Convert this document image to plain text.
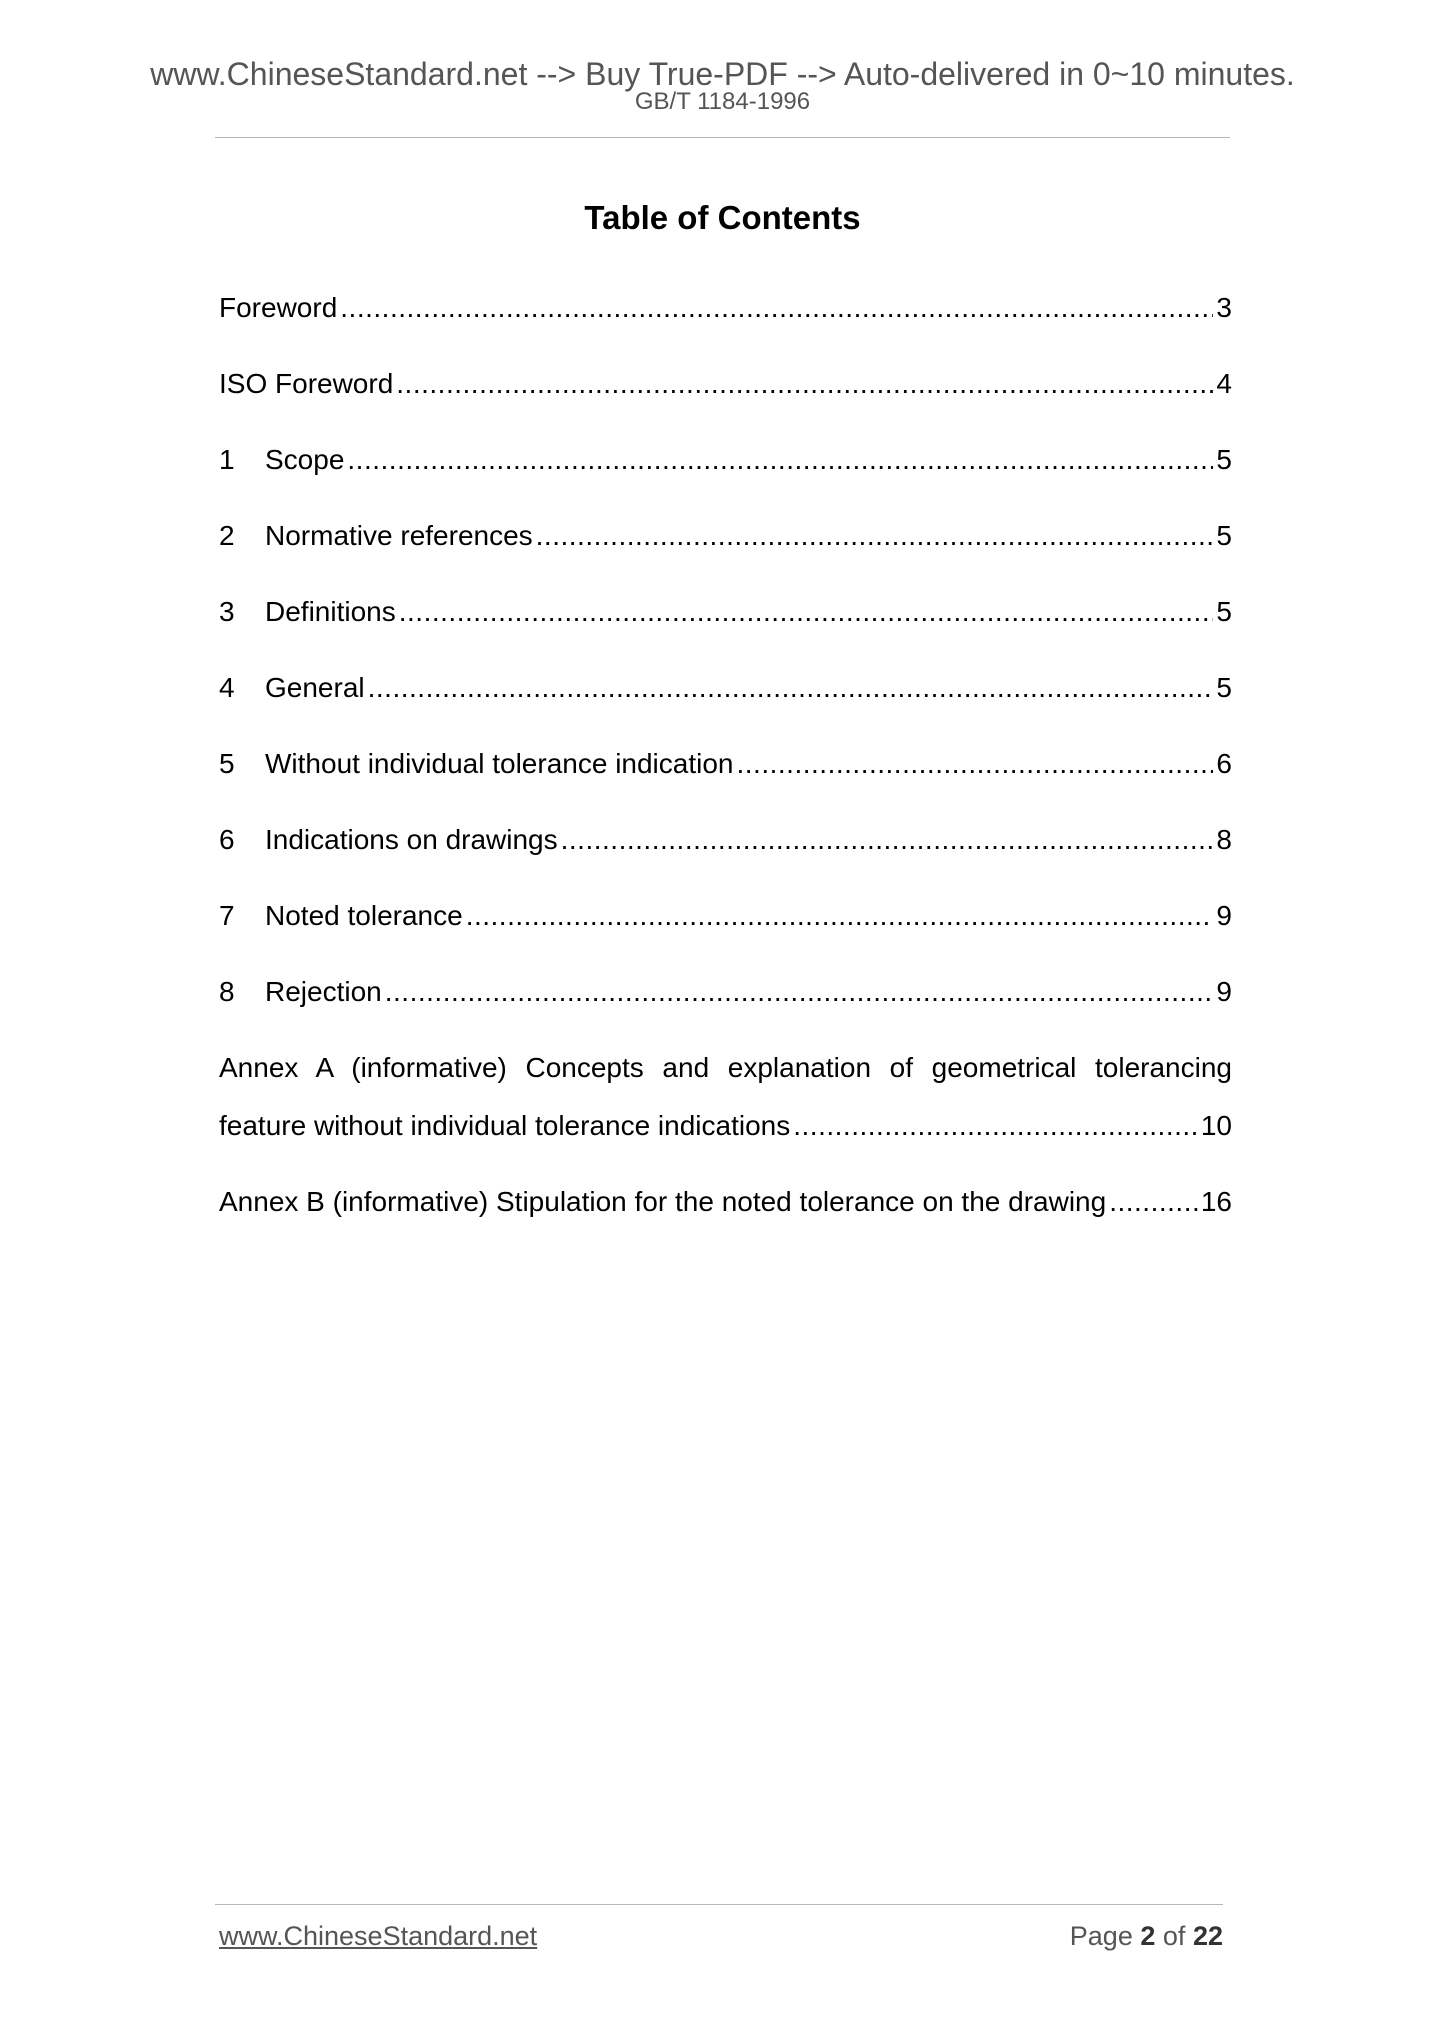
www.ChineseStandard.net --> Buy True-PDF --> Auto-delivered in 0~10 minutes.
GB/T 1184-1996
Table of Contents
Foreword .....	3
ISO Foreword .....	4
1	Scope .....	5
2	Normative references .....	5
3	Definitions .....	5
4	General .....	5
5	Without individual tolerance indication .....	6
6	Indications on drawings .....	8
7	Noted tolerance .....	9
8	Rejection .....	9
Annex A (informative) Concepts and explanation of geometrical tolerancing
feature without individual tolerance indications .....	10
Annex B (informative) Stipulation for the noted tolerance on the drawing .....	16
www.ChineseStandard.net	Page 2 of 22
